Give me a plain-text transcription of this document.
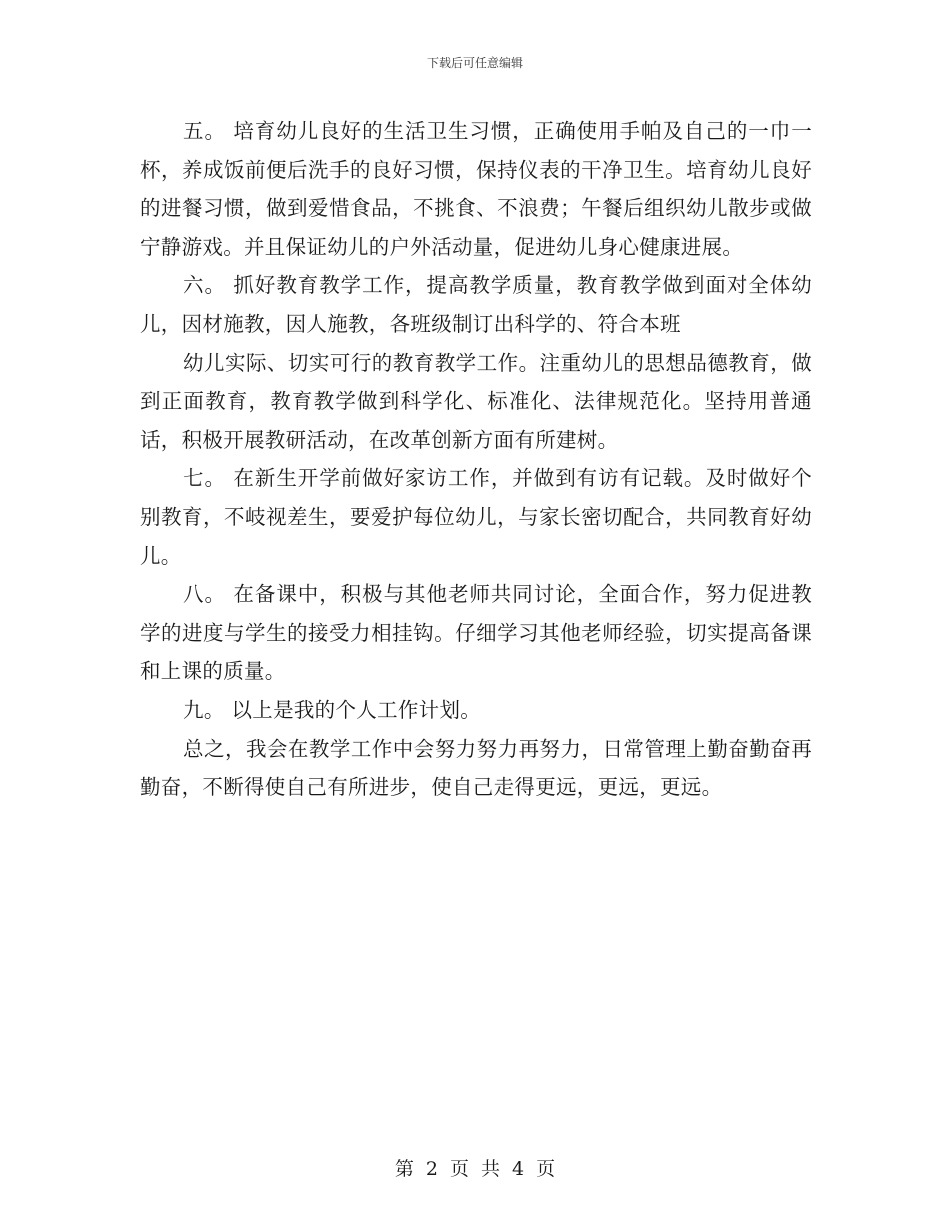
下载后可任意编辑

五。 培育幼儿良好的生活卫生习惯，正确使用手帕及自己的一巾一杯，养成饭前便后洗手的良好习惯，保持仪表的干净卫生。培育幼儿良好的进餐习惯，做到爱惜食品，不挑食、不浪费；午餐后组织幼儿散步或做宁静游戏。并且保证幼儿的户外活动量，促进幼儿身心健康进展。

六。 抓好教育教学工作，提高教学质量，教育教学做到面对全体幼儿，因材施教，因人施教，各班级制订出科学的、符合本班

幼儿实际、切实可行的教育教学工作。注重幼儿的思想品德教育，做到正面教育，教育教学做到科学化、标准化、法律规范化。坚持用普通话，积极开展教研活动，在改革创新方面有所建树。

七。 在新生开学前做好家访工作，并做到有访有记载。及时做好个别教育，不岐视差生，要爱护每位幼儿，与家长密切配合，共同教育好幼儿。

八。 在备课中，积极与其他老师共同讨论，全面合作，努力促进教学的进度与学生的接受力相挂钩。仔细学习其他老师经验，切实提高备课和上课的质量。

九。 以上是我的个人工作计划。

总之，我会在教学工作中会努力努力再努力，日常管理上勤奋勤奋再勤奋，不断得使自己有所进步，使自己走得更远，更远，更远。

第 2 页 共 4 页
